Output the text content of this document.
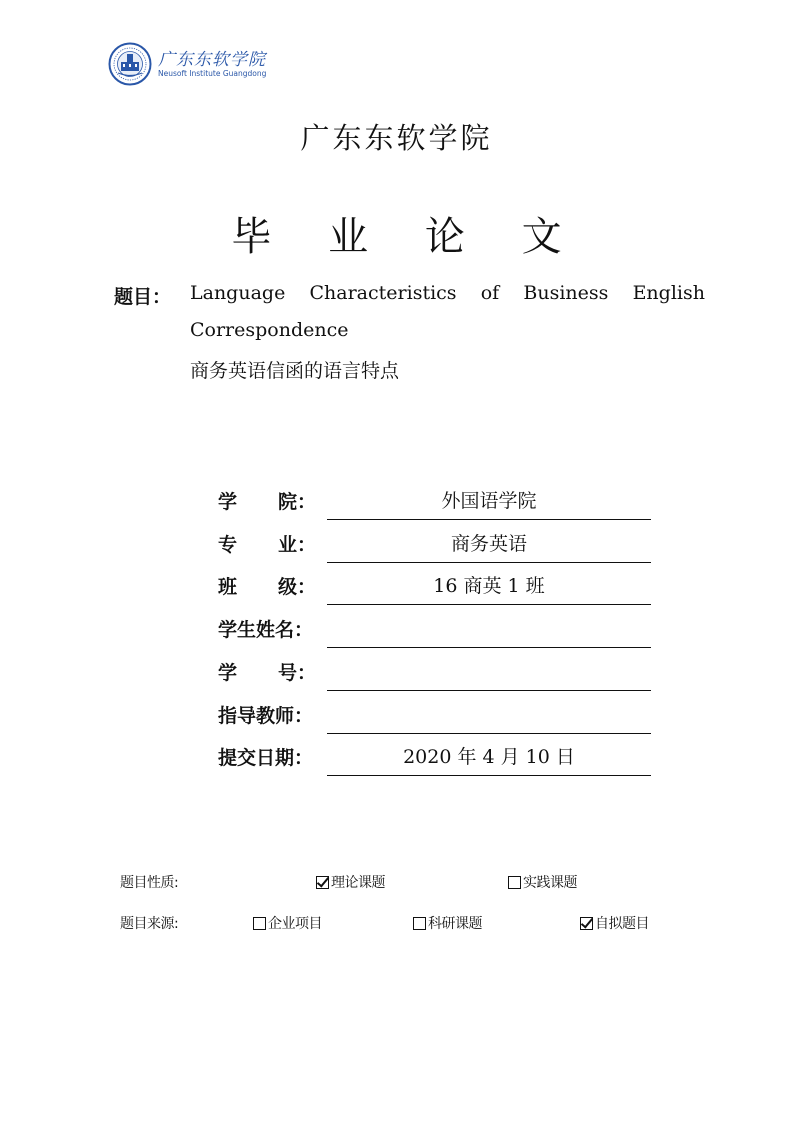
广东东软学院
Neusoft Institute Guangdong
广东东软学院
毕 业 论 文
题目： Language Characteristics of Business English
Correspondence
商务英语信函的语言特点
学 院：	外国语学院
专 业：	商务英语
班 级：	16 商英 1 班
学生姓名：
学 号：
指导教师：
提交日期：	2020 年 4 月 10 日
题目性质:	理论课题	实践课题
题目来源:	企业项目	科研课题	自拟题目
